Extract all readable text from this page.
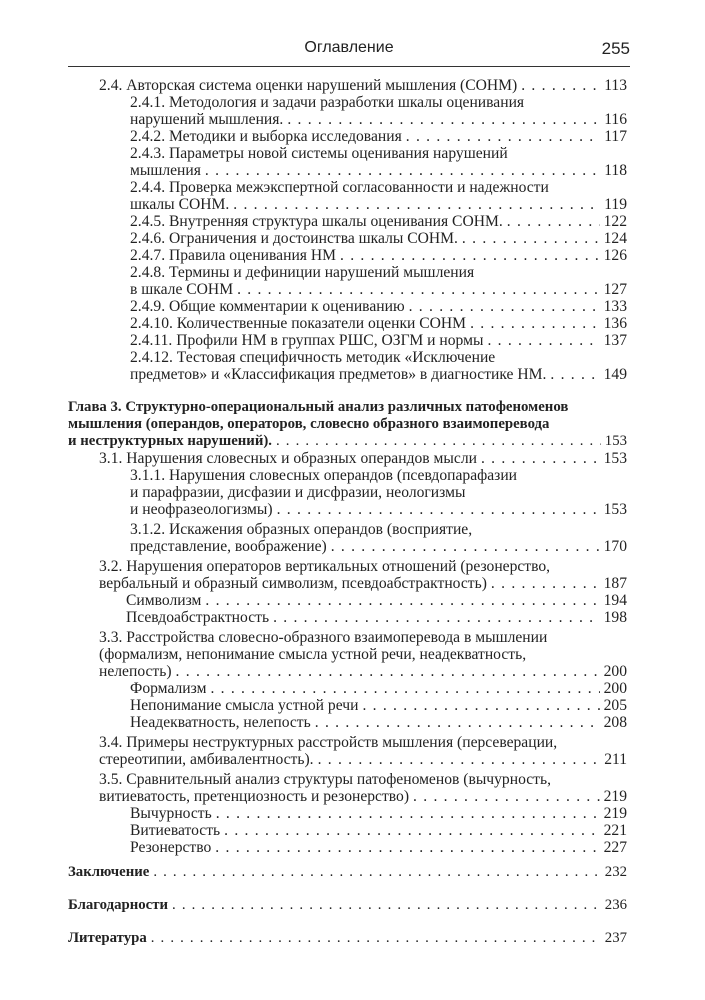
Оглавление	255
2.4. Авторская система оценки нарушений мышления (СОНМ) . . .	113
2.4.1. Методология и задачи разработки шкалы оценивания
нарушений мышления. . . .	116
2.4.2. Методики и выборка исследования . . .	117
2.4.3. Параметры новой системы оценивания нарушений
мышления . . .	118
2.4.4. Проверка межэкспертной согласованности и надежности
шкалы СОНМ. . . .	119
2.4.5. Внутренняя структура шкалы оценивания СОНМ. . . .	122
2.4.6. Ограничения и достоинства шкалы СОНМ. . . .	124
2.4.7. Правила оценивания НМ . . .	126
2.4.8. Термины и дефиниции нарушений мышления
в шкале СОНМ . . .	127
2.4.9. Общие комментарии к оцениванию . . .	133
2.4.10. Количественные показатели оценки СОНМ . . .	136
2.4.11. Профили НМ в группах РШС, ОЗГМ и нормы . . .	137
2.4.12. Тестовая специфичность методик «Исключение
предметов» и «Классификация предметов» в диагностике НМ. . . .	149
Глава 3. Структурно-операциональный анализ различных патофеноменов
мышления (операндов, операторов, словесно образного взаимоперевода
и неструктурных нарушений). . . .	153
3.1. Нарушения словесных и образных операндов мысли . . .	153
3.1.1. Нарушения словесных операндов (псевдопарафазии
и парафразии, дисфазии и дисфразии, неологизмы
и неофразеологизмы) . . .	153
3.1.2. Искажения образных операндов (восприятие,
представление, воображение) . . .	170
3.2. Нарушения операторов вертикальных отношений (резонерство,
вербальный и образный символизм, псевдоабстрактность) . . .	187
Символизм . . .	194
Псевдоабстрактность . . .	198
3.3. Расстройства словесно-образного взаимоперевода в мышлении
(формализм, непонимание смысла устной речи, неадекватность,
нелепость) . . .	200
Формализм . . .	200
Непонимание смысла устной речи . . .	205
Неадекватность, нелепость . . .	208
3.4. Примеры неструктурных расстройств мышления (персеверации,
стереотипии, амбивалентность). . . .	211
3.5. Сравнительный анализ структуры патофеноменов (вычурность,
витиеватость, претенциозность и резонерство) . . .	219
Вычурность . . .	219
Витиеватость . . .	221
Резонерство . . .	227
Заключение . . .	232
Благодарности . . .	236
Литература . . .	237
